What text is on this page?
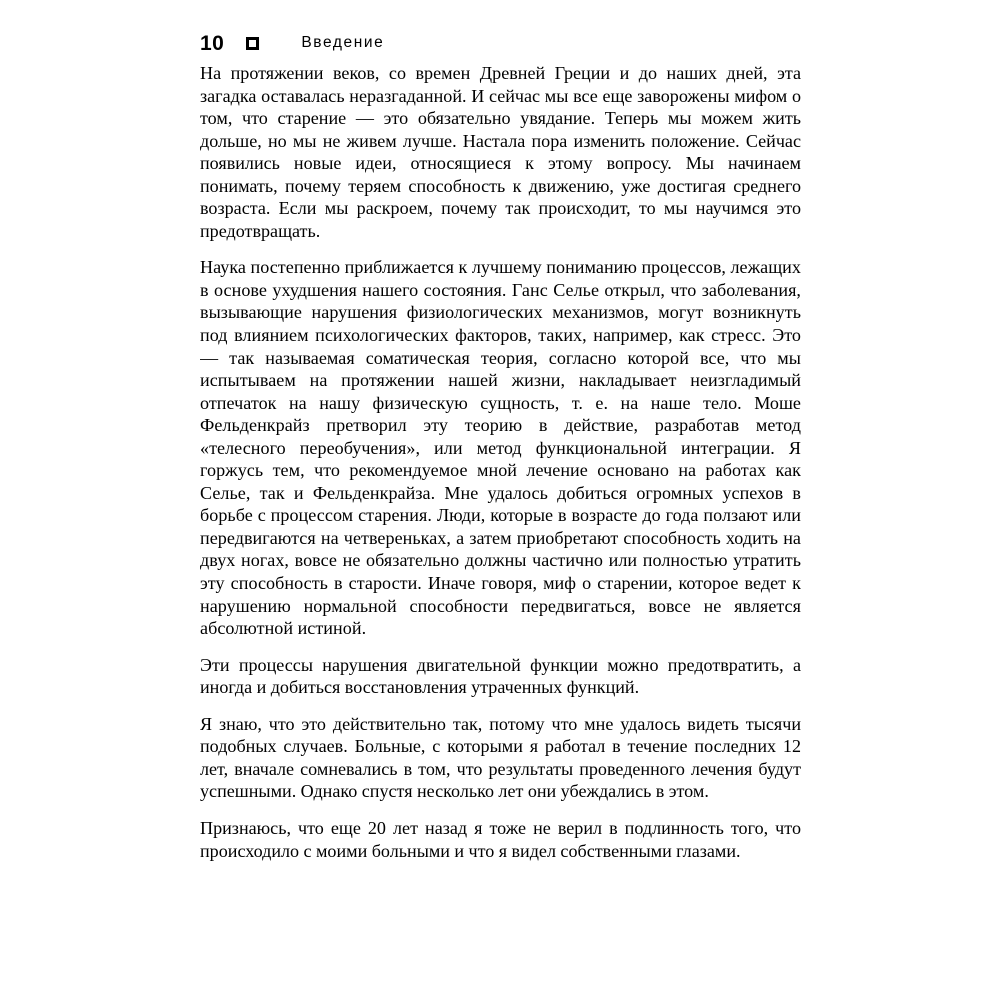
10	Введение

На протяжении веков, со времен Древней Греции и до наших дней, эта загадка оставалась неразгаданной. И сейчас мы все еще заворожены мифом о том, что старение — это обязательно увядание. Теперь мы можем жить дольше, но мы не живем лучше. Настала пора изменить положение. Сейчас появились новые идеи, относящиеся к этому вопросу. Мы начинаем понимать, почему теряем способность к движению, уже достигая среднего возраста. Если мы раскроем, почему так происходит, то мы научимся это предотвращать.

Наука постепенно приближается к лучшему пониманию процессов, лежащих в основе ухудшения нашего состояния. Ганс Селье открыл, что заболевания, вызывающие нарушения физиологических механизмов, могут возникнуть под влиянием психологических факторов, таких, например, как стресс. Это — так называемая соматическая теория, согласно которой все, что мы испытываем на протяжении нашей жизни, накладывает неизгладимый отпечаток на нашу физическую сущность, т. е. на наше тело. Моше Фельденкрайз претворил эту теорию в действие, разработав метод «телесного переобучения», или метод функциональной интеграции. Я горжусь тем, что рекомендуемое мной лечение основано на работах как Селье, так и Фельденкрайза. Мне удалось добиться огромных успехов в борьбе с процессом старения. Люди, которые в возрасте до года ползают или передвигаются на четвереньках, а затем приобретают способность ходить на двух ногах, вовсе не обязательно должны частично или полностью утратить эту способность в старости. Иначе говоря, миф о старении, которое ведет к нарушению нормальной способности передвигаться, вовсе не является абсолютной истиной.

Эти процессы нарушения двигательной функции можно предотвратить, а иногда и добиться восстановления утраченных функций.

Я знаю, что это действительно так, потому что мне удалось видеть тысячи подобных случаев. Больные, с которыми я работал в течение последних 12 лет, вначале сомневались в том, что результаты проведенного лечения будут успешными. Однако спустя несколько лет они убеждались в этом.

Признаюсь, что еще 20 лет назад я тоже не верил в подлинность того, что происходило с моими больными и что я видел собственными глазами.
